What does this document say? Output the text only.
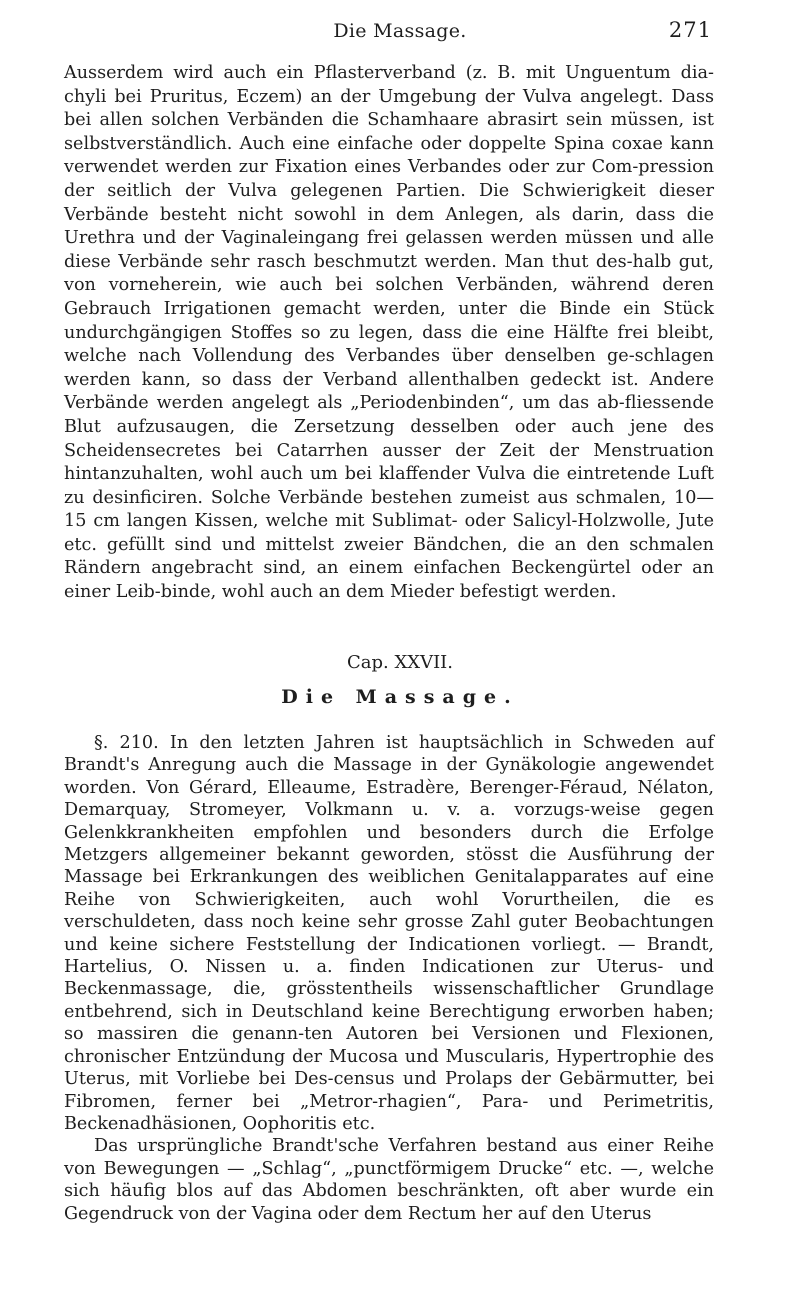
Die Massage.	271

Ausserdem wird auch ein Pflasterverband (z. B. mit Unguentum dia-chyli bei Pruritus, Eczem) an der Umgebung der Vulva angelegt. Dass bei allen solchen Verbänden die Schamhaare abrasirt sein müssen, ist selbstverständlich. Auch eine einfache oder doppelte Spina coxae kann verwendet werden zur Fixation eines Verbandes oder zur Com-pression der seitlich der Vulva gelegenen Partien. Die Schwierigkeit dieser Verbände besteht nicht sowohl in dem Anlegen, als darin, dass die Urethra und der Vaginaleingang frei gelassen werden müssen und alle diese Verbände sehr rasch beschmutzt werden. Man thut des-halb gut, von vorneherein, wie auch bei solchen Verbänden, während deren Gebrauch Irrigationen gemacht werden, unter die Binde ein Stück undurchgängigen Stoffes so zu legen, dass die eine Hälfte frei bleibt, welche nach Vollendung des Verbandes über denselben ge-schlagen werden kann, so dass der Verband allenthalben gedeckt ist. Andere Verbände werden angelegt als „Periodenbinden“, um das ab-fliessende Blut aufzusaugen, die Zersetzung desselben oder auch jene des Scheidensecretes bei Catarrhen ausser der Zeit der Menstruation hintanzuhalten, wohl auch um bei klaffender Vulva die eintretende Luft zu desinficiren. Solche Verbände bestehen zumeist aus schmalen, 10—15 cm langen Kissen, welche mit Sublimat- oder Salicyl-Holzwolle, Jute etc. gefüllt sind und mittelst zweier Bändchen, die an den schmalen Rändern angebracht sind, an einem einfachen Beckengürtel oder an einer Leib-binde, wohl auch an dem Mieder befestigt werden.

Cap. XXVII.
Die Massage.

§. 210. In den letzten Jahren ist hauptsächlich in Schweden auf Brandt's Anregung auch die Massage in der Gynäkologie angewendet worden. Von Gérard, Elleaume, Estradère, Berenger-Féraud, Nélaton, Demarquay, Stromeyer, Volkmann u. v. a. vorzugs-weise gegen Gelenkkrankheiten empfohlen und besonders durch die Erfolge Metzgers allgemeiner bekannt geworden, stösst die Ausführung der Massage bei Erkrankungen des weiblichen Genitalapparates auf eine Reihe von Schwierigkeiten, auch wohl Vorurtheilen, die es verschuldeten, dass noch keine sehr grosse Zahl guter Beobachtungen und keine sichere Feststellung der Indicationen vorliegt. — Brandt, Hartelius, O. Nissen u. a. finden Indicationen zur Uterus- und Beckenmassage, die, grösstentheils wissenschaftlicher Grundlage entbehrend, sich in Deutschland keine Berechtigung erworben haben; so massiren die genann-ten Autoren bei Versionen und Flexionen, chronischer Entzündung der Mucosa und Muscularis, Hypertrophie des Uterus, mit Vorliebe bei Des-census und Prolaps der Gebärmutter, bei Fibromen, ferner bei „Metror-rhagien“, Para- und Perimetritis, Beckenadhäsionen, Oophoritis etc.

Das ursprüngliche Brandt'sche Verfahren bestand aus einer Reihe von Bewegungen — „Schlag“, „punctförmigem Drucke“ etc. —, welche sich häufig blos auf das Abdomen beschränkten, oft aber wurde ein Gegendruck von der Vagina oder dem Rectum her auf den Uterus
